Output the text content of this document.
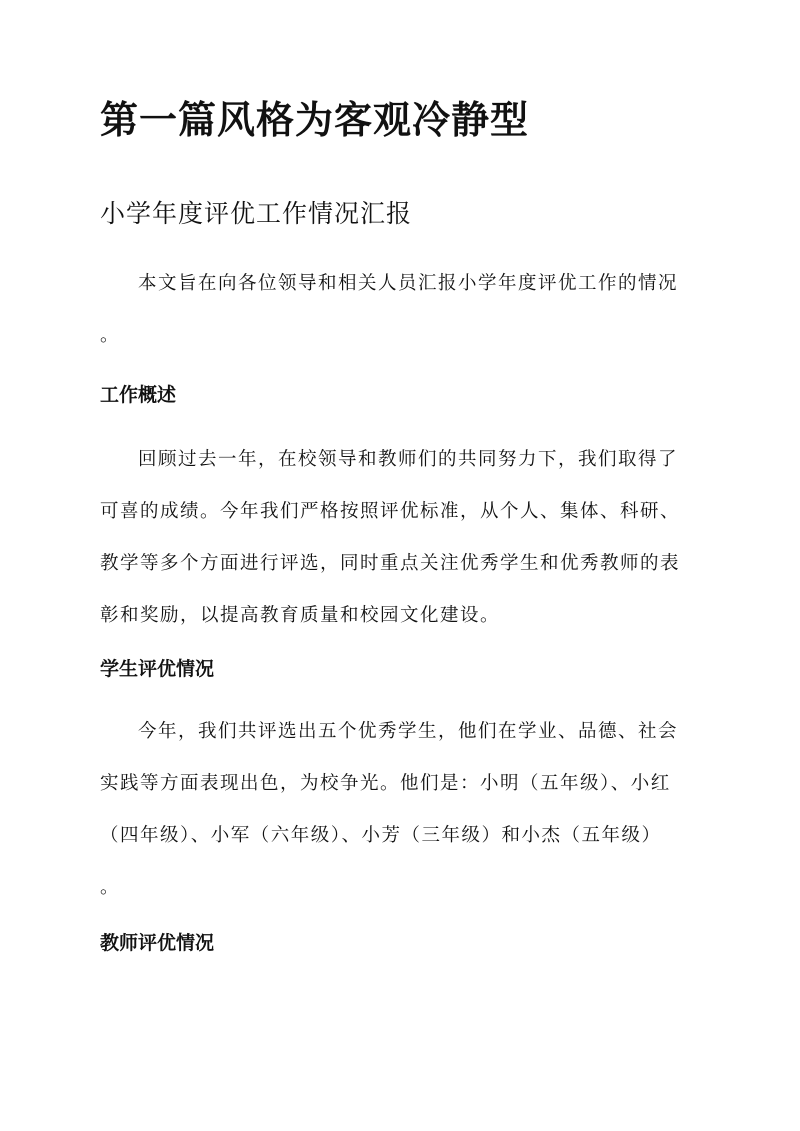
第一篇风格为客观冷静型
小学年度评优工作情况汇报
本文旨在向各位领导和相关人员汇报小学年度评优工作的情况
。
工作概述
回顾过去一年，在校领导和教师们的共同努力下，我们取得了
可喜的成绩。今年我们严格按照评优标准，从个人、集体、科研、
教学等多个方面进行评选，同时重点关注优秀学生和优秀教师的表
彰和奖励，以提高教育质量和校园文化建设。
学生评优情况
今年，我们共评选出五个优秀学生，他们在学业、品德、社会
实践等方面表现出色，为校争光。他们是：小明（五年级）、小红
（四年级）、小军（六年级）、小芳（三年级）和小杰（五年级）
。
教师评优情况
